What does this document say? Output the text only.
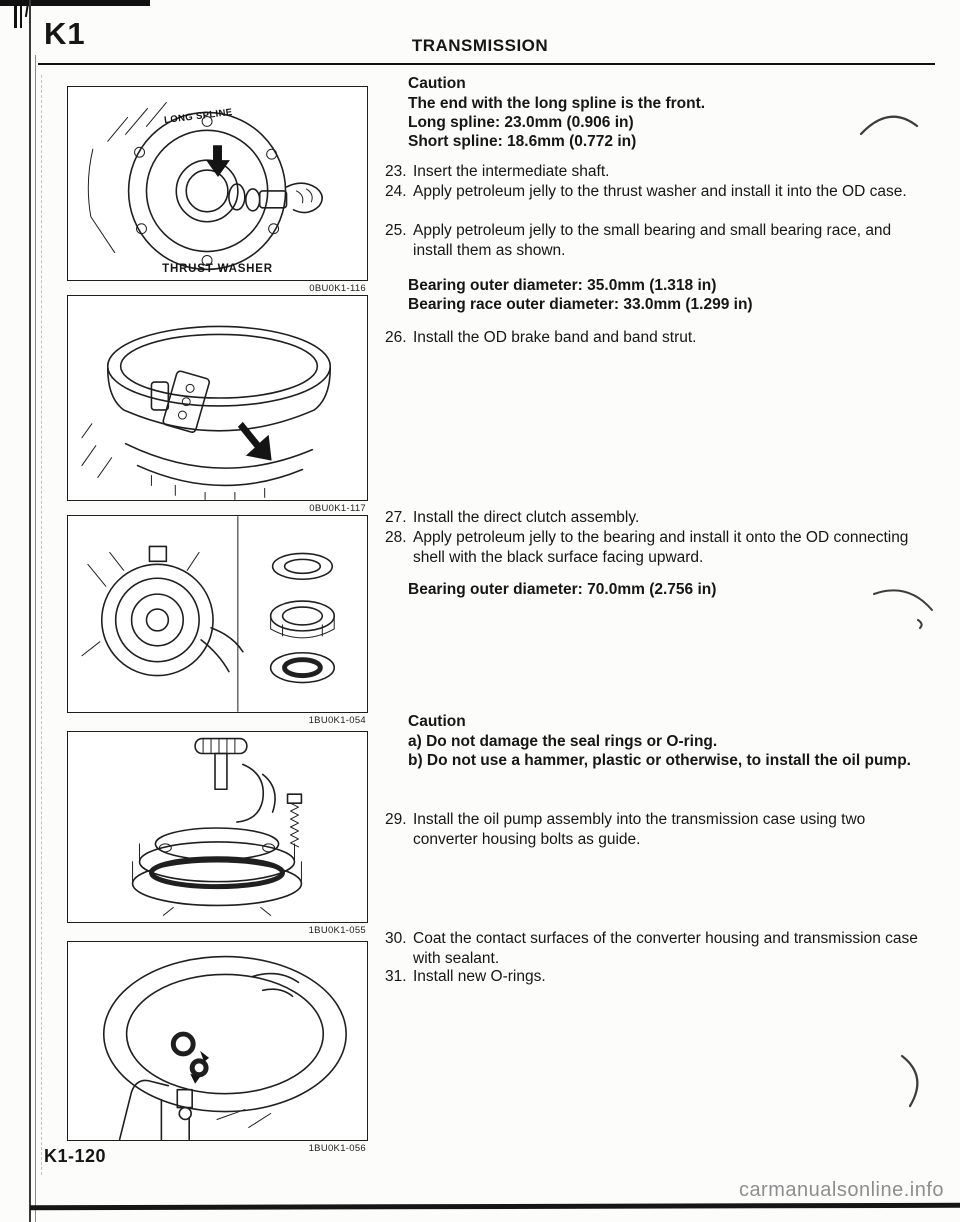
K1	TRANSMISSION
LONG SPLINE
THRUST WASHER
0BU0K1-116
0BU0K1-117
1BU0K1-054
1BU0K1-055
1BU0K1-056
Caution
The end with the long spline is the front.
Long spline: 23.0mm (0.906 in)
Short spline: 18.6mm (0.772 in)
23. Insert the intermediate shaft.
24. Apply petroleum jelly to the thrust washer and install it into the OD case.
25. Apply petroleum jelly to the small bearing and small bearing race, and install them as shown.
Bearing outer diameter: 35.0mm (1.318 in)
Bearing race outer diameter: 33.0mm (1.299 in)
26. Install the OD brake band and band strut.
27. Install the direct clutch assembly.
28. Apply petroleum jelly to the bearing and install it onto the OD connecting shell with the black surface facing upward.
Bearing outer diameter: 70.0mm (2.756 in)
Caution
a) Do not damage the seal rings or O-ring.
b) Do not use a hammer, plastic or otherwise, to install the oil pump.
29. Install the oil pump assembly into the transmission case using two converter housing bolts as guide.
30. Coat the contact surfaces of the converter housing and transmission case with sealant.
31. Install new O-rings.
K1-120
carmanualsonline.info
